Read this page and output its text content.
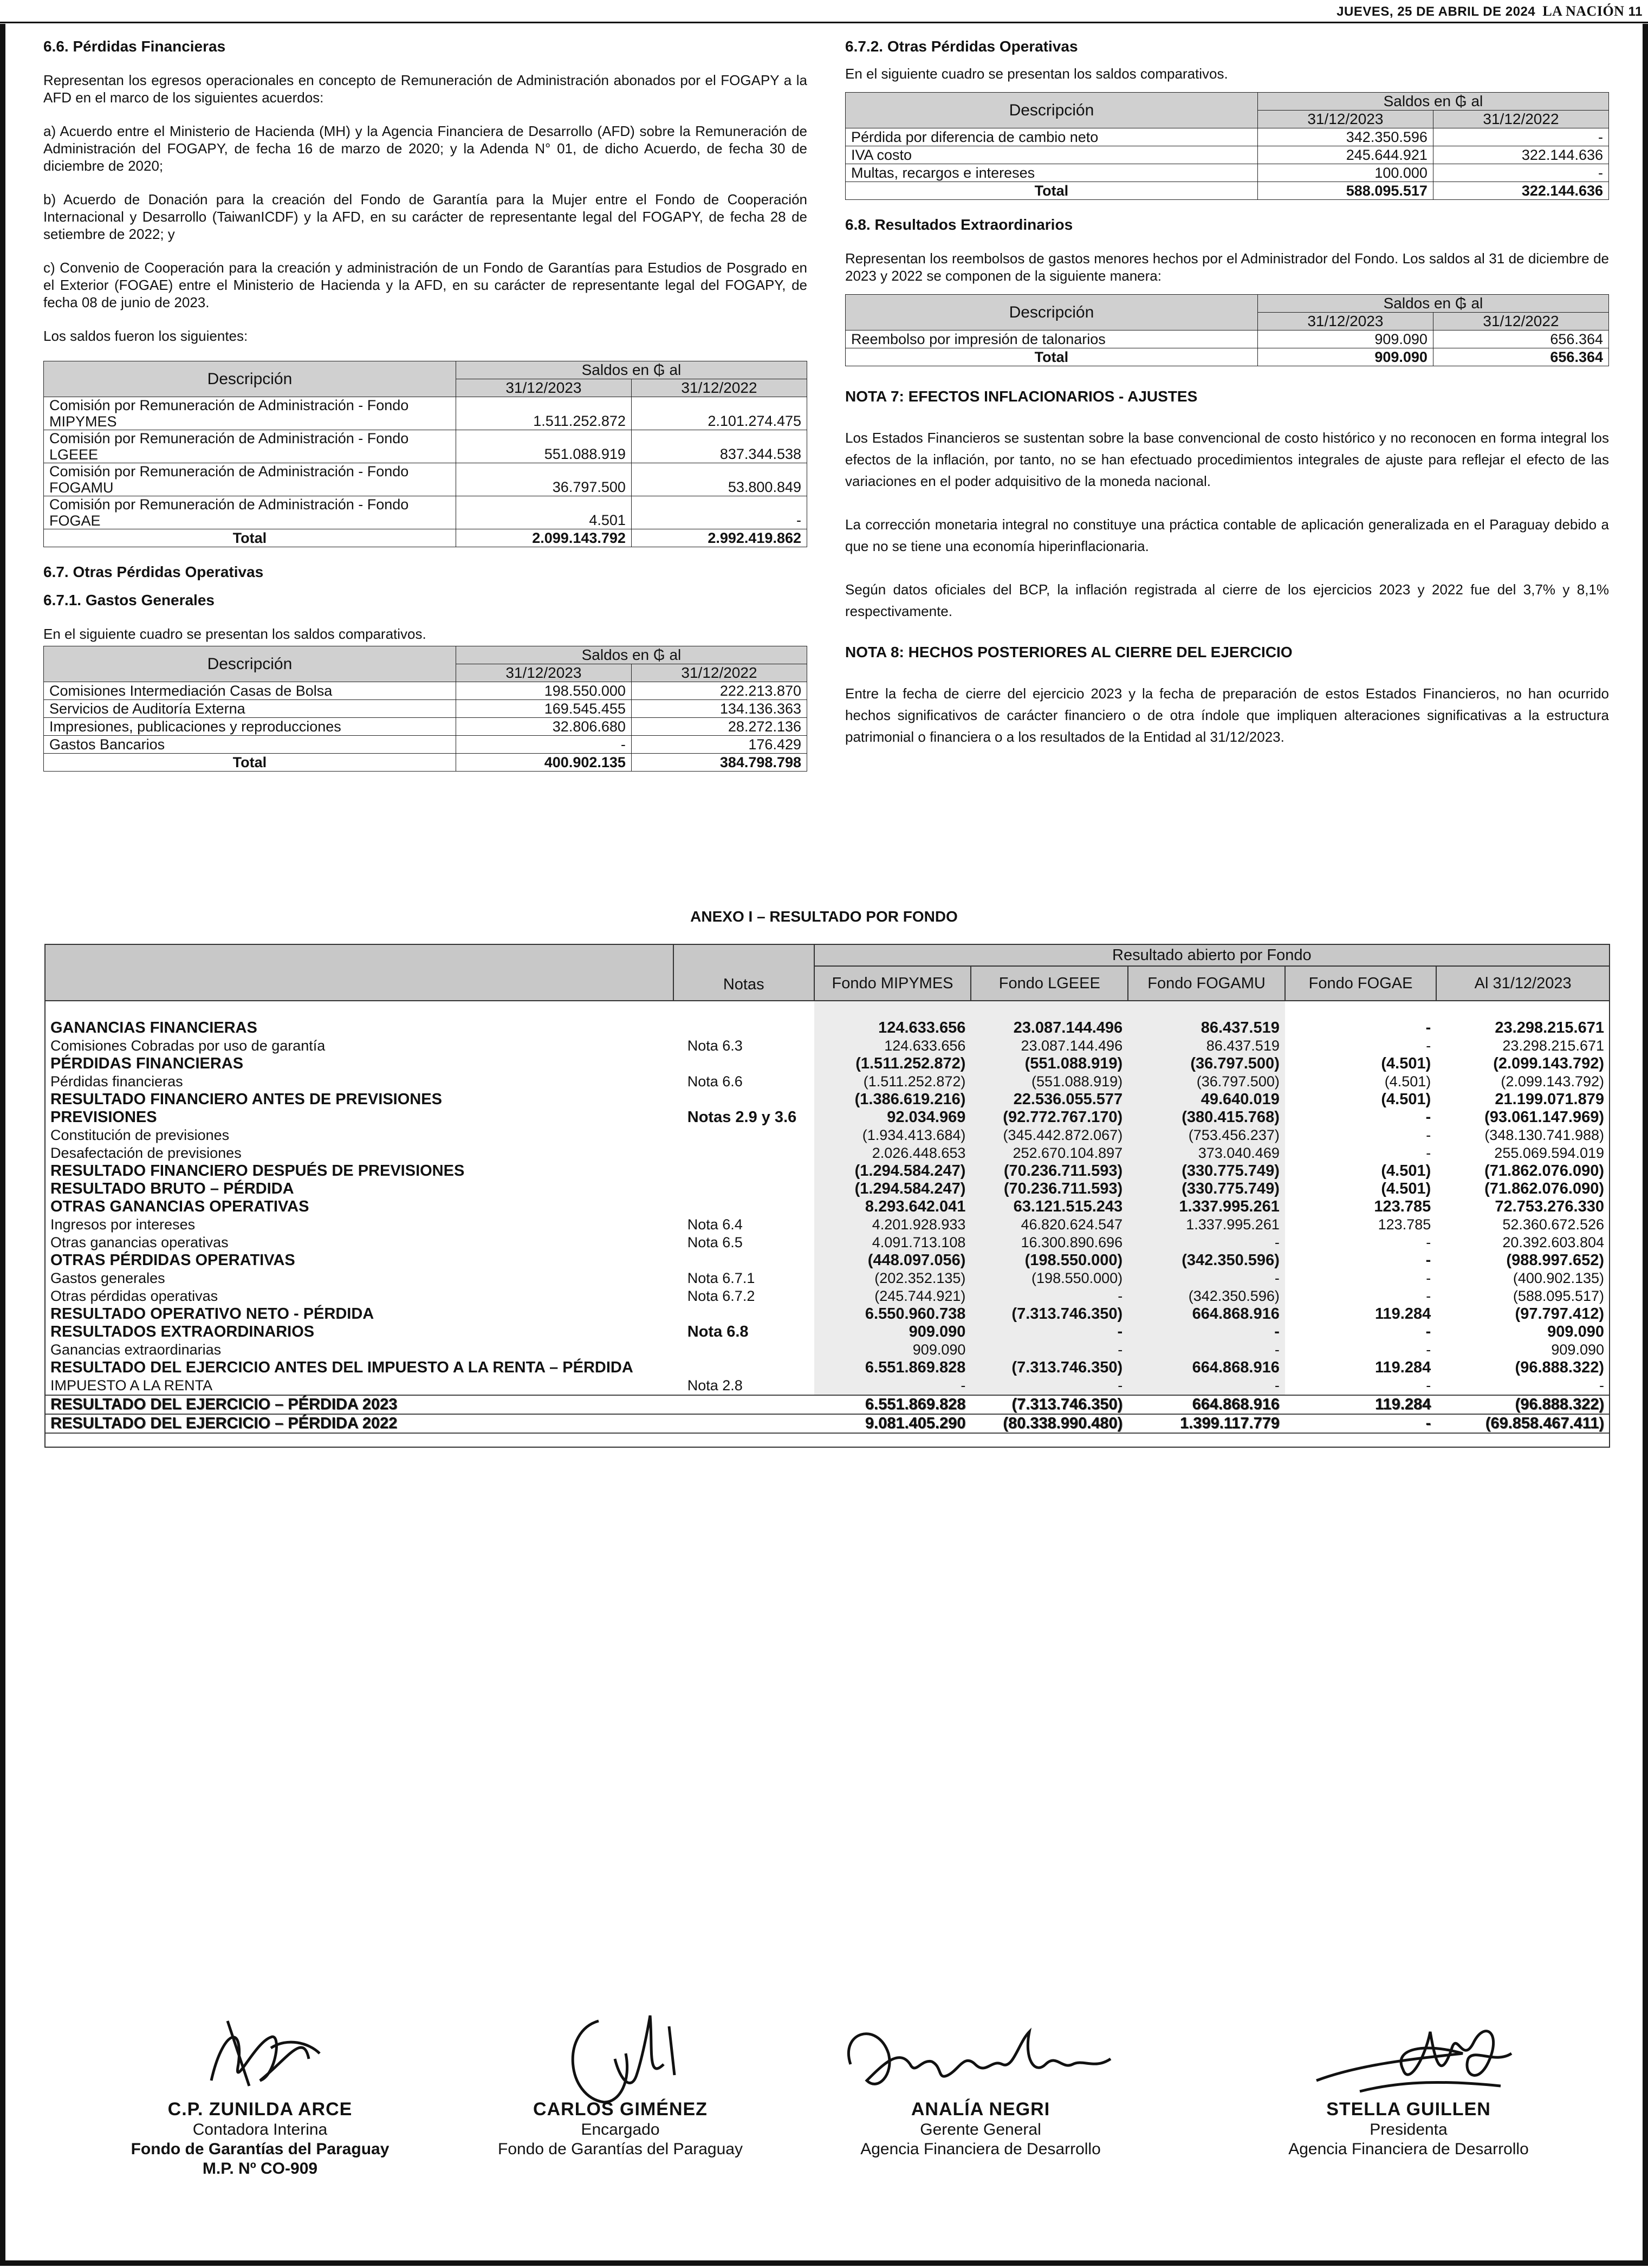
JUEVES, 25 DE ABRIL DE 2024 LA NACIÓN 11
6.6. Pérdidas Financieras
Representan los egresos operacionales en concepto de Remuneración de Administración abonados por el FOGAPY a la AFD en el marco de los siguientes acuerdos:
a) Acuerdo entre el Ministerio de Hacienda (MH) y la Agencia Financiera de Desarrollo (AFD) sobre la Remuneración de Administración del FOGAPY, de fecha 16 de marzo de 2020; y la Adenda N° 01, de dicho Acuerdo, de fecha 30 de diciembre de 2020;
b) Acuerdo de Donación para la creación del Fondo de Garantía para la Mujer entre el Fondo de Cooperación Internacional y Desarrollo (TaiwanICDF) y la AFD, en su carácter de representante legal del FOGAPY, de fecha 28 de setiembre de 2022; y
c) Convenio de Cooperación para la creación y administración de un Fondo de Garantías para Estudios de Posgrado en el Exterior (FOGAE) entre el Ministerio de Hacienda y la AFD, en su carácter de representante legal del FOGAPY, de fecha 08 de junio de 2023.
Los saldos fueron los siguientes:
Descripción	Saldos en ₲ al	
	31/12/2023	31/12/2022
Comisión por Remuneración de Administración - Fondo MIPYMES	1.511.252.872	2.101.274.475
Comisión por Remuneración de Administración - Fondo LGEEE	551.088.919	837.344.538
Comisión por Remuneración de Administración - Fondo FOGAMU	36.797.500	53.800.849
Comisión por Remuneración de Administración - Fondo FOGAE	4.501	-
Total	2.099.143.792	2.992.419.862
6.7. Otras Pérdidas Operativas
6.7.1. Gastos Generales
En el siguiente cuadro se presentan los saldos comparativos.
Descripción	Saldos en ₲ al	
	31/12/2023	31/12/2022
Comisiones Intermediación Casas de Bolsa	198.550.000	222.213.870
Servicios de Auditoría Externa	169.545.455	134.136.363
Impresiones, publicaciones y reproducciones	32.806.680	28.272.136
Gastos Bancarios	-	176.429
Total	400.902.135	384.798.798
6.7.2. Otras Pérdidas Operativas
En el siguiente cuadro se presentan los saldos comparativos.
Descripción	Saldos en ₲ al	
	31/12/2023	31/12/2022
Pérdida por diferencia de cambio neto	342.350.596	-
IVA costo	245.644.921	322.144.636
Multas, recargos e intereses	100.000	-
Total	588.095.517	322.144.636
6.8. Resultados Extraordinarios
Representan los reembolsos de gastos menores hechos por el Administrador del Fondo. Los saldos al 31 de diciembre de 2023 y 2022 se componen de la siguiente manera:
Descripción	Saldos en ₲ al	
	31/12/2023	31/12/2022
Reembolso por impresión de talonarios	909.090	656.364
Total	909.090	656.364
NOTA 7: EFECTOS INFLACIONARIOS - AJUSTES
Los Estados Financieros se sustentan sobre la base convencional de costo histórico y no reconocen en forma integral los efectos de la inflación, por tanto, no se han efectuado procedimientos integrales de ajuste para reflejar el efecto de las variaciones en el poder adquisitivo de la moneda nacional.
La corrección monetaria integral no constituye una práctica contable de aplicación generalizada en el Paraguay debido a que no se tiene una economía hiperinflacionaria.
Según datos oficiales del BCP, la inflación registrada al cierre de los ejercicios 2023 y 2022 fue del 3,7% y 8,1% respectivamente.
NOTA 8: HECHOS POSTERIORES AL CIERRE DEL EJERCICIO
Entre la fecha de cierre del ejercicio 2023 y la fecha de preparación de estos Estados Financieros, no han ocurrido hechos significativos de carácter financiero o de otra índole que impliquen alteraciones significativas a la estructura patrimonial o financiera o a los resultados de la Entidad al 31/12/2023.
ANEXO I – RESULTADO POR FONDO
	Notas	Resultado abierto por Fondo				
		Fondo MIPYMES	Fondo LGEEE	Fondo FOGAMU	Fondo FOGAE	Al 31/12/2023

GANANCIAS FINANCIERAS		124.633.656	23.087.144.496	86.437.519	-	23.298.215.671
Comisiones Cobradas por uso de garantía	Nota 6.3	124.633.656	23.087.144.496	86.437.519	-	23.298.215.671
PÉRDIDAS FINANCIERAS		(1.511.252.872)	(551.088.919)	(36.797.500)	(4.501)	(2.099.143.792)
Pérdidas financieras	Nota 6.6	(1.511.252.872)	(551.088.919)	(36.797.500)	(4.501)	(2.099.143.792)
RESULTADO FINANCIERO ANTES DE PREVISIONES		(1.386.619.216)	22.536.055.577	49.640.019	(4.501)	21.199.071.879
PREVISIONES	Notas 2.9 y 3.6	92.034.969	(92.772.767.170)	(380.415.768)	-	(93.061.147.969)
Constitución de previsiones		(1.934.413.684)	(345.442.872.067)	(753.456.237)	-	(348.130.741.988)
Desafectación de previsiones		2.026.448.653	252.670.104.897	373.040.469	-	255.069.594.019
RESULTADO FINANCIERO DESPUÉS DE PREVISIONES		(1.294.584.247)	(70.236.711.593)	(330.775.749)	(4.501)	(71.862.076.090)
RESULTADO BRUTO – PÉRDIDA		(1.294.584.247)	(70.236.711.593)	(330.775.749)	(4.501)	(71.862.076.090)
OTRAS GANANCIAS OPERATIVAS		8.293.642.041	63.121.515.243	1.337.995.261	123.785	72.753.276.330
Ingresos por intereses	Nota 6.4	4.201.928.933	46.820.624.547	1.337.995.261	123.785	52.360.672.526
Otras ganancias operativas	Nota 6.5	4.091.713.108	16.300.890.696	-	-	20.392.603.804
OTRAS PÉRDIDAS OPERATIVAS		(448.097.056)	(198.550.000)	(342.350.596)	-	(988.997.652)
Gastos generales	Nota 6.7.1	(202.352.135)	(198.550.000)	-	-	(400.902.135)
Otras pérdidas operativas	Nota 6.7.2	(245.744.921)	-	(342.350.596)	-	(588.095.517)
RESULTADO OPERATIVO NETO - PÉRDIDA		6.550.960.738	(7.313.746.350)	664.868.916	119.284	(97.797.412)
RESULTADOS EXTRAORDINARIOS	Nota 6.8	909.090	-	-	-	909.090
Ganancias extraordinarias		909.090	-	-	-	909.090
RESULTADO DEL EJERCICIO ANTES DEL IMPUESTO A LA RENTA – PÉRDIDA		6.551.869.828	(7.313.746.350)	664.868.916	119.284	(96.888.322)
IMPUESTO A LA RENTA	Nota 2.8	-	-	-	-	-
RESULTADO DEL EJERCICIO – PÉRDIDA 2023		6.551.869.828	(7.313.746.350)	664.868.916	119.284	(96.888.322)
RESULTADO DEL EJERCICIO – PÉRDIDA 2022		9.081.405.290	(80.338.990.480)	1.399.117.779	-	(69.858.467.411)
C.P. ZUNILDA ARCE
Contadora Interina
Fondo de Garantías del Paraguay
M.P. Nº CO-909
CARLOS GIMÉNEZ
Encargado
Fondo de Garantías del Paraguay
ANALÍA NEGRI
Gerente General
Agencia Financiera de Desarrollo
STELLA GUILLEN
Presidenta
Agencia Financiera de Desarrollo
